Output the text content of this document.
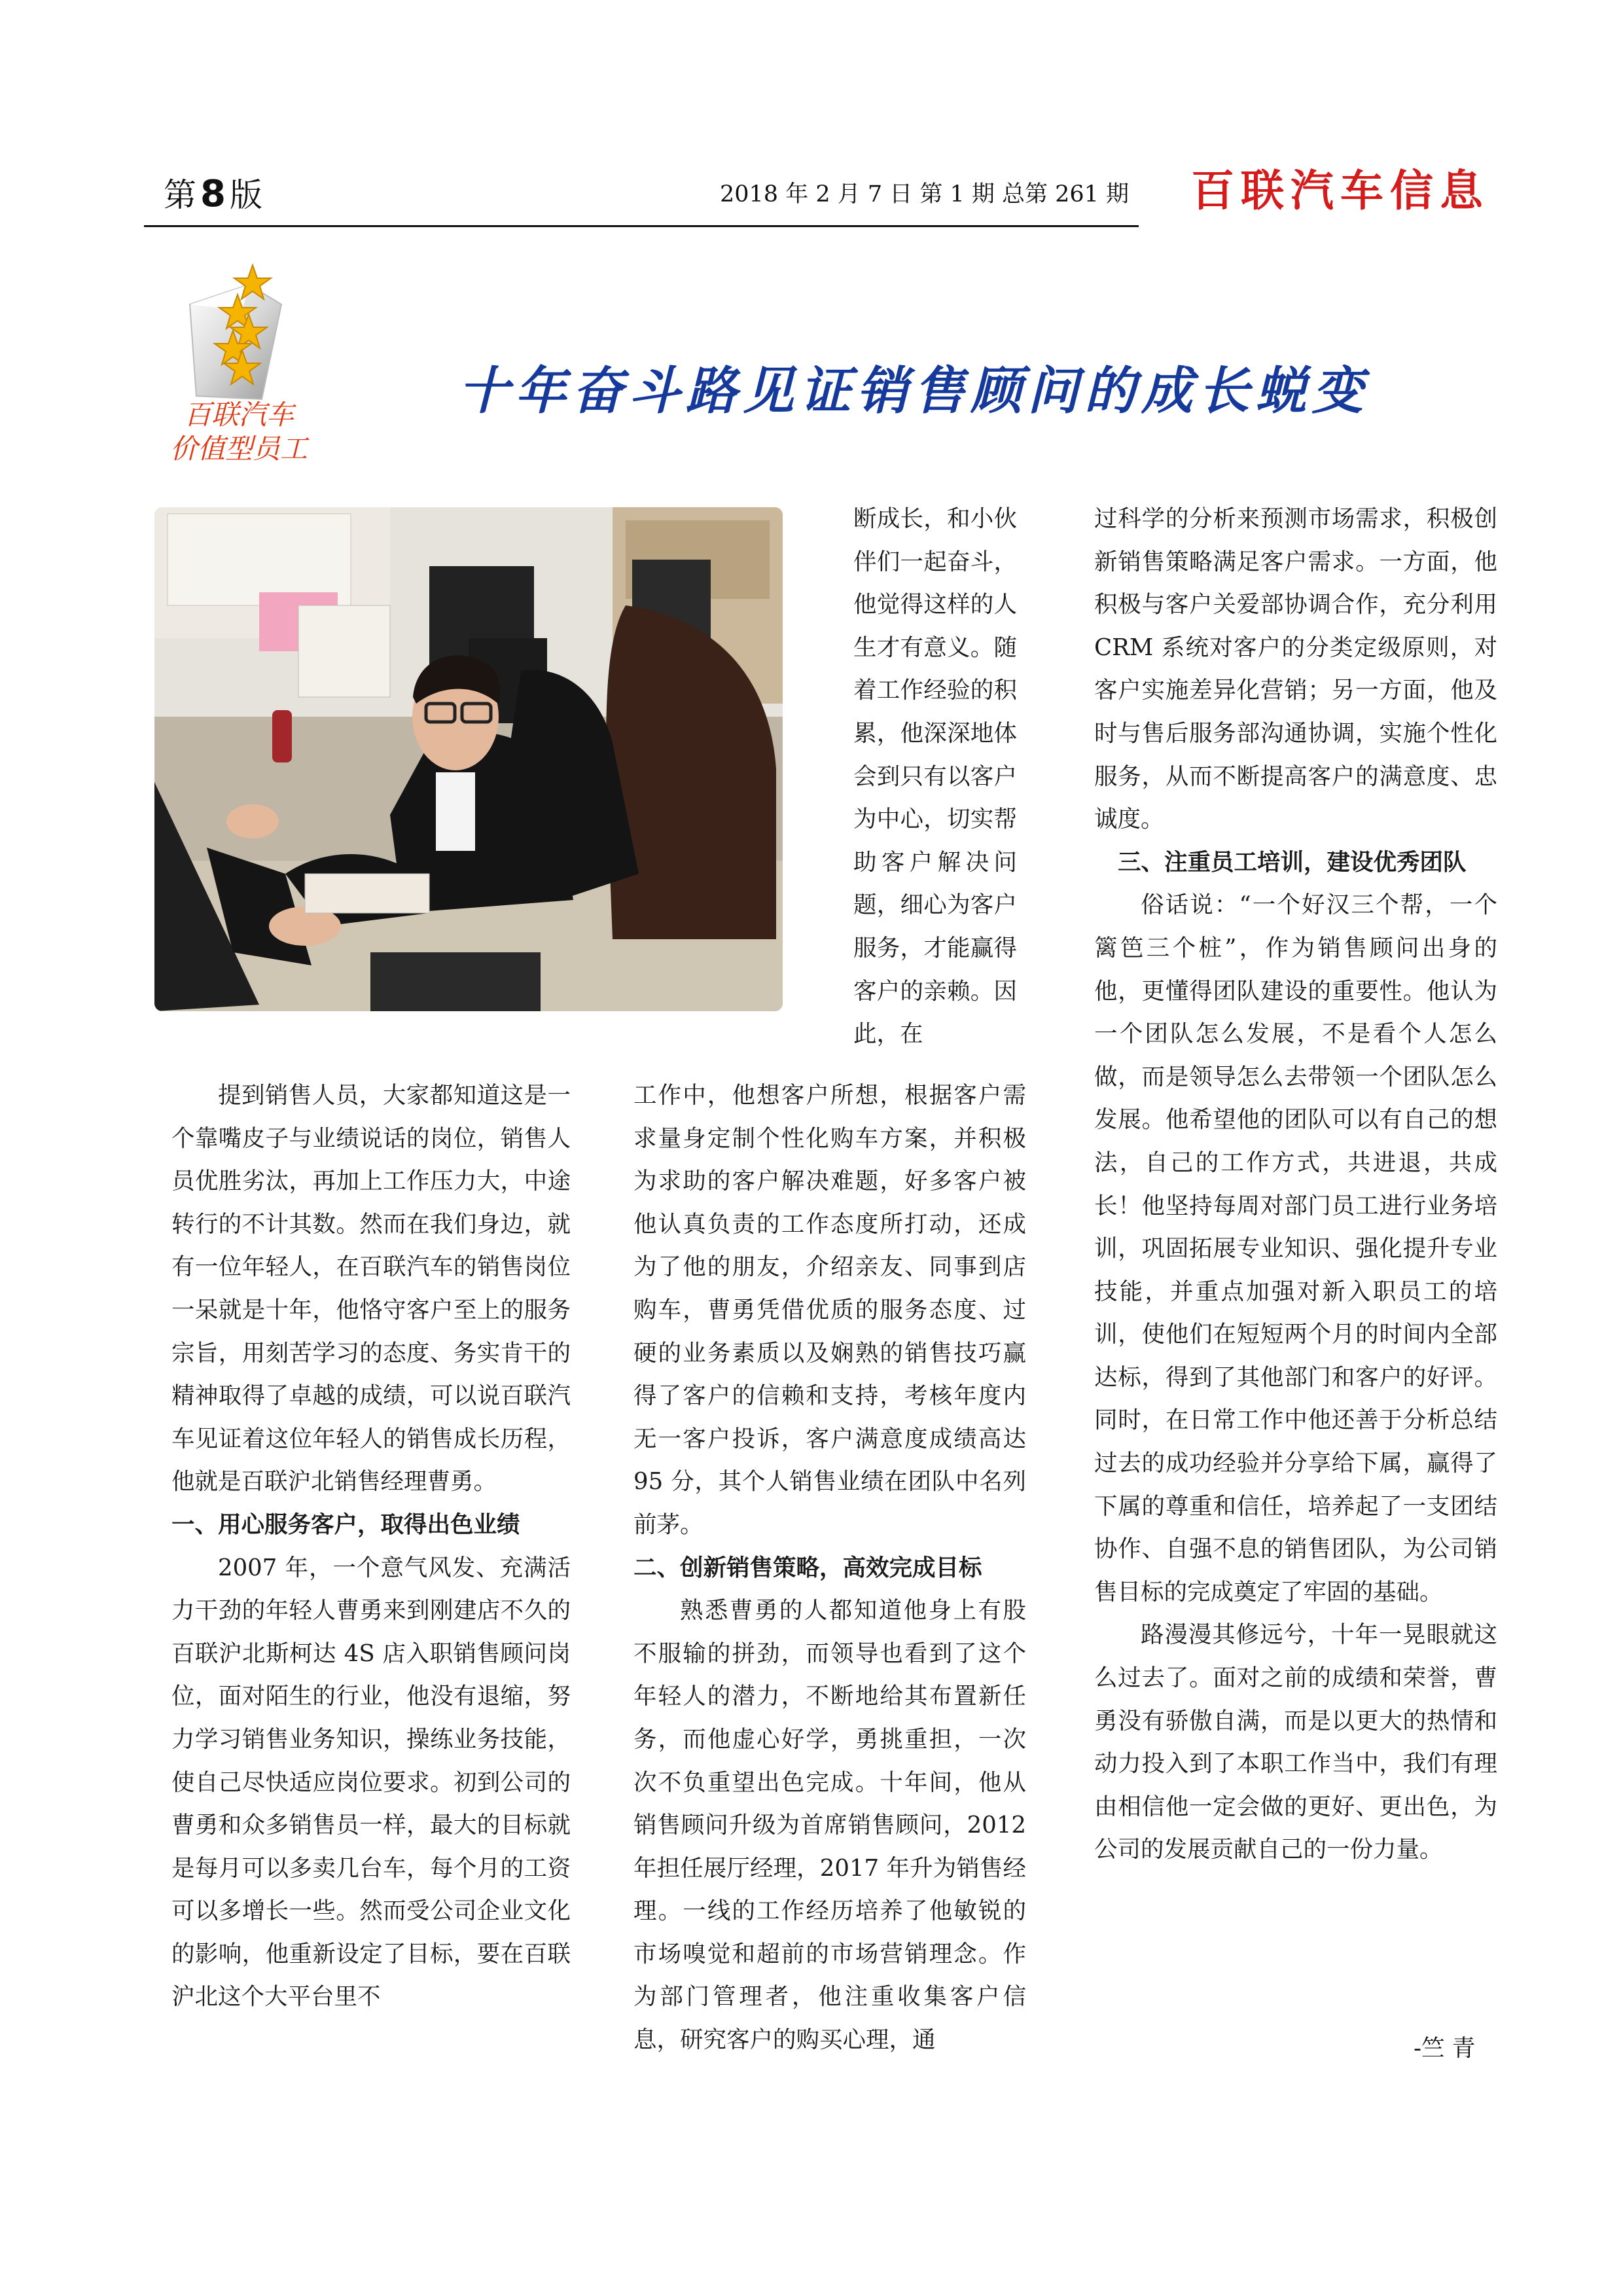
第 8 版	2018 年 2 月 7 日 第 1 期 总第 261 期 百联汽车信息
百联汽车
价值型员工
十年奋斗路见证销售顾问的成长蜕变

断成长，和小伙伴们一起奋斗，他觉得这样的人生才有意义。随着工作经验的积累，他深深地体会到只有以客户为中心，切实帮助客户解决问题，细心为客户服务，才能赢得客户的亲赖。因此，在

提到销售人员，大家都知道这是一个靠嘴皮子与业绩说话的岗位，销售人员优胜劣汰，再加上工作压力大，中途转行的不计其数。然而在我们身边，就有一位年轻人，在百联汽车的销售岗位一呆就是十年，他恪守客户至上的服务宗旨，用刻苦学习的态度、务实肯干的精神取得了卓越的成绩，可以说百联汽车见证着这位年轻人的销售成长历程，他就是百联沪北销售经理曹勇。

一、用心服务客户，取得出色业绩

2007 年，一个意气风发、充满活力干劲的年轻人曹勇来到刚建店不久的百联沪北斯柯达 4S 店入职销售顾问岗位，面对陌生的行业，他没有退缩，努力学习销售业务知识，操练业务技能，使自己尽快适应岗位要求。初到公司的曹勇和众多销售员一样，最大的目标就是每月可以多卖几台车，每个月的工资可以多增长一些。然而受公司企业文化的影响，他重新设定了目标，要在百联沪北这个大平台里不

工作中，他想客户所想，根据客户需求量身定制个性化购车方案，并积极为求助的客户解决难题，好多客户被他认真负责的工作态度所打动，还成为了他的朋友，介绍亲友、同事到店购车，曹勇凭借优质的服务态度、过硬的业务素质以及娴熟的销售技巧赢得了客户的信赖和支持，考核年度内无一客户投诉，客户满意度成绩高达 95 分，其个人销售业绩在团队中名列前茅。

二、创新销售策略，高效完成目标

熟悉曹勇的人都知道他身上有股不服输的拼劲，而领导也看到了这个年轻人的潜力，不断地给其布置新任务，而他虚心好学，勇挑重担，一次次不负重望出色完成。十年间，他从销售顾问升级为首席销售顾问，2012 年担任展厅经理，2017 年升为销售经理。一线的工作经历培养了他敏锐的市场嗅觉和超前的市场营销理念。作为部门管理者，他注重收集客户信息，研究客户的购买心理，通

过科学的分析来预测市场需求，积极创新销售策略满足客户需求。一方面，他积极与客户关爱部协调合作，充分利用 CRM 系统对客户的分类定级原则，对客户实施差异化营销；另一方面，他及时与售后服务部沟通协调，实施个性化服务，从而不断提高客户的满意度、忠诚度。

三、注重员工培训，建设优秀团队

俗话说：“一个好汉三个帮，一个篱笆三个桩”，作为销售顾问出身的他，更懂得团队建设的重要性。他认为一个团队怎么发展，不是看个人怎么做，而是领导怎么去带领一个团队怎么发展。他希望他的团队可以有自己的想法，自己的工作方式，共进退，共成长！他坚持每周对部门员工进行业务培训，巩固拓展专业知识、强化提升专业技能，并重点加强对新入职员工的培训，使他们在短短两个月的时间内全部达标，得到了其他部门和客户的好评。同时，在日常工作中他还善于分析总结过去的成功经验并分享给下属，赢得了下属的尊重和信任，培养起了一支团结协作、自强不息的销售团队，为公司销售目标的完成奠定了牢固的基础。

路漫漫其修远兮，十年一晃眼就这么过去了。面对之前的成绩和荣誉，曹勇没有骄傲自满，而是以更大的热情和动力投入到了本职工作当中，我们有理由相信他一定会做的更好、更出色，为公司的发展贡献自己的一份力量。

-竺 青
